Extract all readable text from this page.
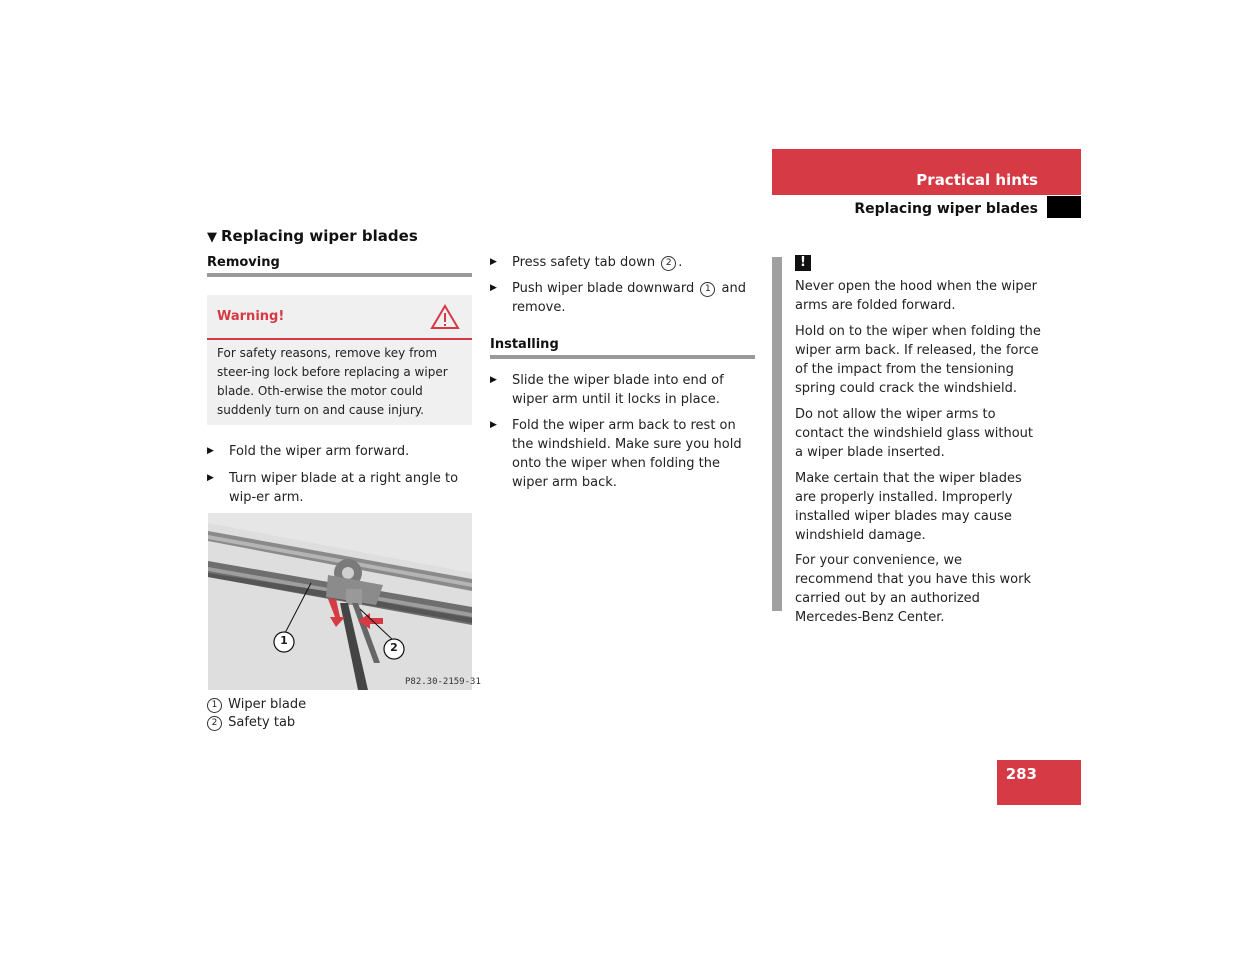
Practical hints
Replacing wiper blades
▼ Replacing wiper blades
Removing
Warning!
For safety reasons, remove key from steer-ing lock before replacing a wiper blade. Oth-erwise the motor could suddenly turn on and cause injury.
▶ Fold the wiper arm forward.
▶ Turn wiper blade at a right angle to wip-er arm.
1
2
P82.30-2159-31
1 Wiper blade
2 Safety tab
▶ Press safety tab down 2 .
▶ Push wiper blade downward 1 and remove.
Installing
▶ Slide the wiper blade into end of wiper arm until it locks in place.
▶ Fold the wiper arm back to rest on the windshield. Make sure you hold onto the wiper when folding the wiper arm back.
!
Never open the hood when the wiper arms are folded forward.
Hold on to the wiper when folding the wiper arm back. If released, the force of the impact from the tensioning spring could crack the windshield.
Do not allow the wiper arms to contact the windshield glass without a wiper blade inserted.
Make certain that the wiper blades are properly installed. Improperly installed wiper blades may cause windshield damage.
For your convenience, we recommend that you have this work carried out by an authorized Mercedes-Benz Center.
283
